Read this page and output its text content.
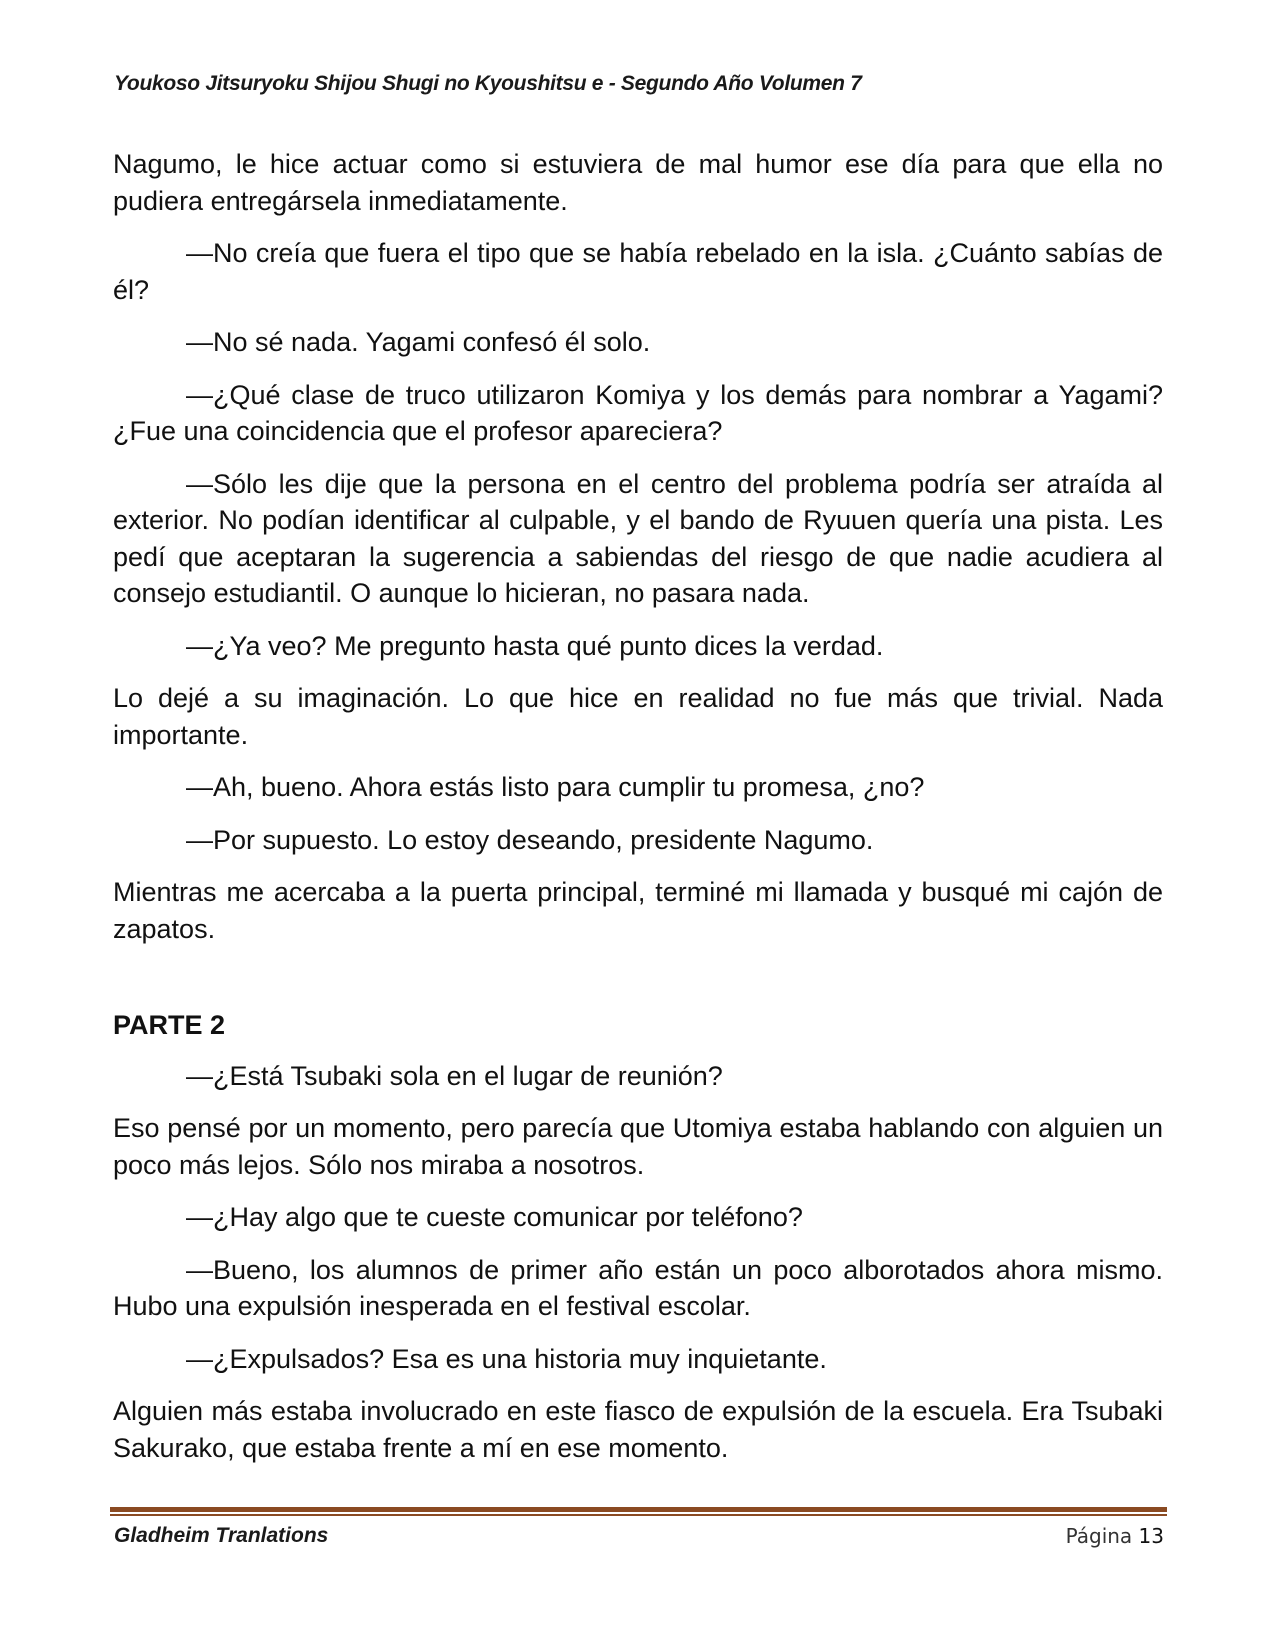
Youkoso Jitsuryoku Shijou Shugi no Kyoushitsu e - Segundo Año Volumen 7

Nagumo, le hice actuar como si estuviera de mal humor ese día para que ella no pudiera entregársela inmediatamente.

—No creía que fuera el tipo que se había rebelado en la isla. ¿Cuánto sabías de él?

—No sé nada. Yagami confesó él solo.

—¿Qué clase de truco utilizaron Komiya y los demás para nombrar a Yagami? ¿Fue una coincidencia que el profesor apareciera?

—Sólo les dije que la persona en el centro del problema podría ser atraída al exterior. No podían identificar al culpable, y el bando de Ryuuen quería una pista. Les pedí que aceptaran la sugerencia a sabiendas del riesgo de que nadie acudiera al consejo estudiantil. O aunque lo hicieran, no pasara nada.

—¿Ya veo? Me pregunto hasta qué punto dices la verdad.

Lo dejé a su imaginación. Lo que hice en realidad no fue más que trivial. Nada importante.

—Ah, bueno. Ahora estás listo para cumplir tu promesa, ¿no?

—Por supuesto. Lo estoy deseando, presidente Nagumo.

Mientras me acercaba a la puerta principal, terminé mi llamada y busqué mi cajón de zapatos.

PARTE 2

—¿Está Tsubaki sola en el lugar de reunión?

Eso pensé por un momento, pero parecía que Utomiya estaba hablando con alguien un poco más lejos. Sólo nos miraba a nosotros.

—¿Hay algo que te cueste comunicar por teléfono?

—Bueno, los alumnos de primer año están un poco alborotados ahora mismo. Hubo una expulsión inesperada en el festival escolar.

—¿Expulsados? Esa es una historia muy inquietante.

Alguien más estaba involucrado en este fiasco de expulsión de la escuela. Era Tsubaki Sakurako, que estaba frente a mí en ese momento.

Gladheim Tranlations	Página 13
